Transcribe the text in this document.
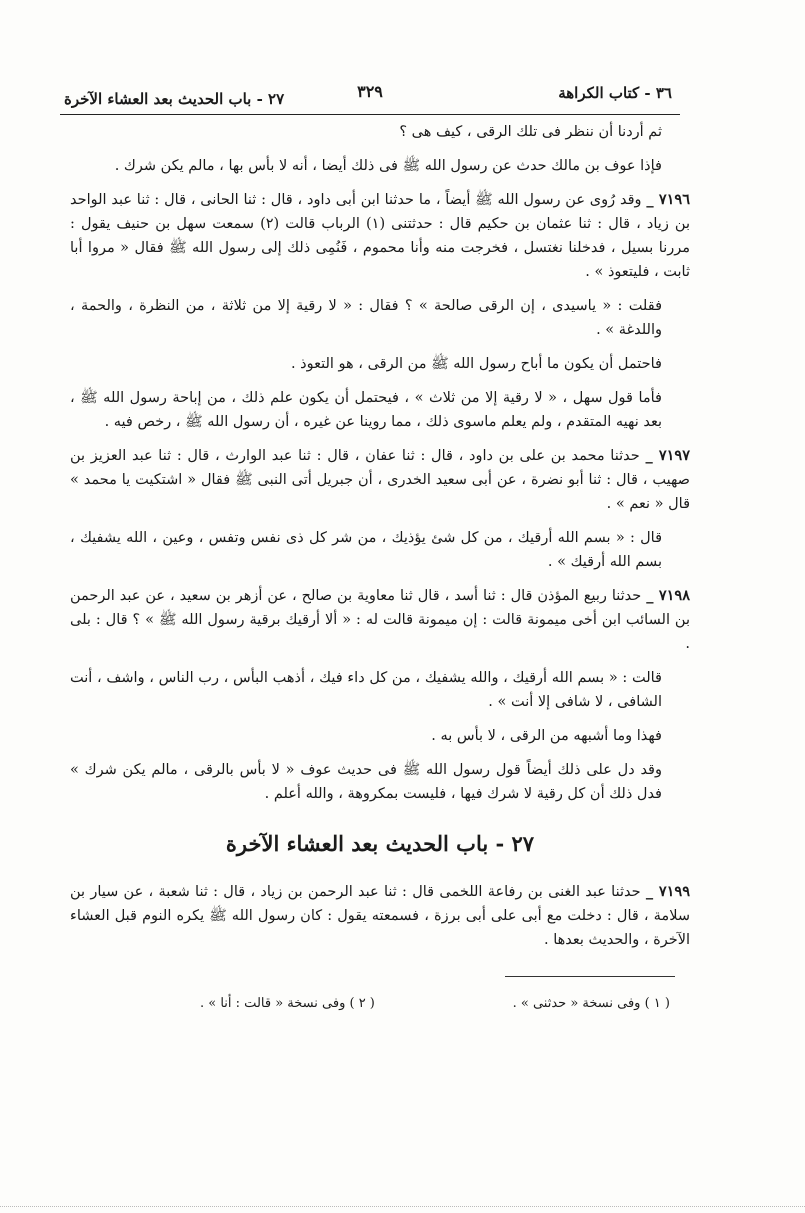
٣٦ - كتاب الكراهة
٣٢٩
٢٧ - باب الحديث بعد العشاء الآخرة

ثم أردنا أن ننظر فى تلك الرقى ، كيف هى ؟

فإذا عوف بن مالك حدث عن رسول الله ﷺ فى ذلك أيضا ، أنه لا بأس بها ، مالم يكن شرك .

٧١٩٦ _ وقد رُوى عن رسول الله ﷺ أيضاً ، ما حدثنا ابن أبى داود ، قال : ثنا الحانى ، قال : ثنا عبد الواحد بن زياد ، قال : ثنا عثمان بن حكيم قال : حدثتنى (١) الرباب قالت (٢) سمعت سهل بن حنيف يقول : مررنا بسيل ، فدخلنا نغتسل ، فخرجت منه وأنا محموم ، فَنُمِى ذلك إلى رسول الله ﷺ فقال « مروا أبا ثابت ، فليتعوذ » .

فقلت : « ياسيدى ، إن الرقى صالحة » ؟ فقال : « لا رقية إلا من ثلاثة ، من النظرة ، والحمة ، واللدغة » .

فاحتمل أن يكون ما أباح رسول الله ﷺ من الرقى ، هو التعوذ .

فأما قول سهل ، « لا رقية إلا من ثلاث » ، فيحتمل أن يكون علم ذلك ، من إباحة رسول الله ﷺ ، بعد نهيه المتقدم ، ولم يعلم ماسوى ذلك ، مما روينا عن غيره ، أن رسول الله ﷺ ، رخص فيه .

٧١٩٧ _ حدثنا محمد بن على بن داود ، قال : ثنا عفان ، قال : ثنا عبد الوارث ، قال : ثنا عبد العزيز بن صهيب ، قال : ثنا أبو نضرة ، عن أبى سعيد الخدرى ، أن جبريل أتى النبى ﷺ فقال « اشتكيت يا محمد » قال « نعم » .

قال : « بسم الله أرقيك ، من كل شئ يؤذيك ، من شر كل ذى نفس وتفس ، وعين ، الله يشفيك ، بسم الله أرقيك » .

٧١٩٨ _ حدثنا ربيع المؤذن قال : ثنا أسد ، قال ثنا معاوية بن صالح ، عن أزهر بن سعيد ، عن عبد الرحمن بن السائب ابن أخى ميمونة قالت : إن ميمونة قالت له : « ألا أرقيك برقية رسول الله ﷺ » ؟ قال : بلى .

قالت : « بسم الله أرقيك ، والله يشفيك ، من كل داء فيك ، أذهب البأس ، رب الناس ، واشف ، أنت الشافى ، لا شافى إلا أنت » .

فهذا وما أشبهه من الرقى ، لا بأس به .

وقد دل على ذلك أيضاً قول رسول الله ﷺ فى حديث عوف « لا بأس بالرقى ، مالم يكن شرك » فدل ذلك أن كل رقية لا شرك فيها ، فليست بمكروهة ، والله أعلم .

٢٧ - باب الحديث بعد العشاء الآخرة

٧١٩٩ _ حدثنا عبد الغنى بن رفاعة اللخمى قال : ثنا عبد الرحمن بن زياد ، قال : ثنا شعبة ، عن سيار بن سلامة ، قال : دخلت مع أبى على أبى برزة ، فسمعته يقول : كان رسول الله ﷺ يكره النوم قبل العشاء الآخرة ، والحديث بعدها .

( ١ ) وفى نسخة « حدثنى » .
( ٢ ) وفى نسخة « قالت : أنا » .
